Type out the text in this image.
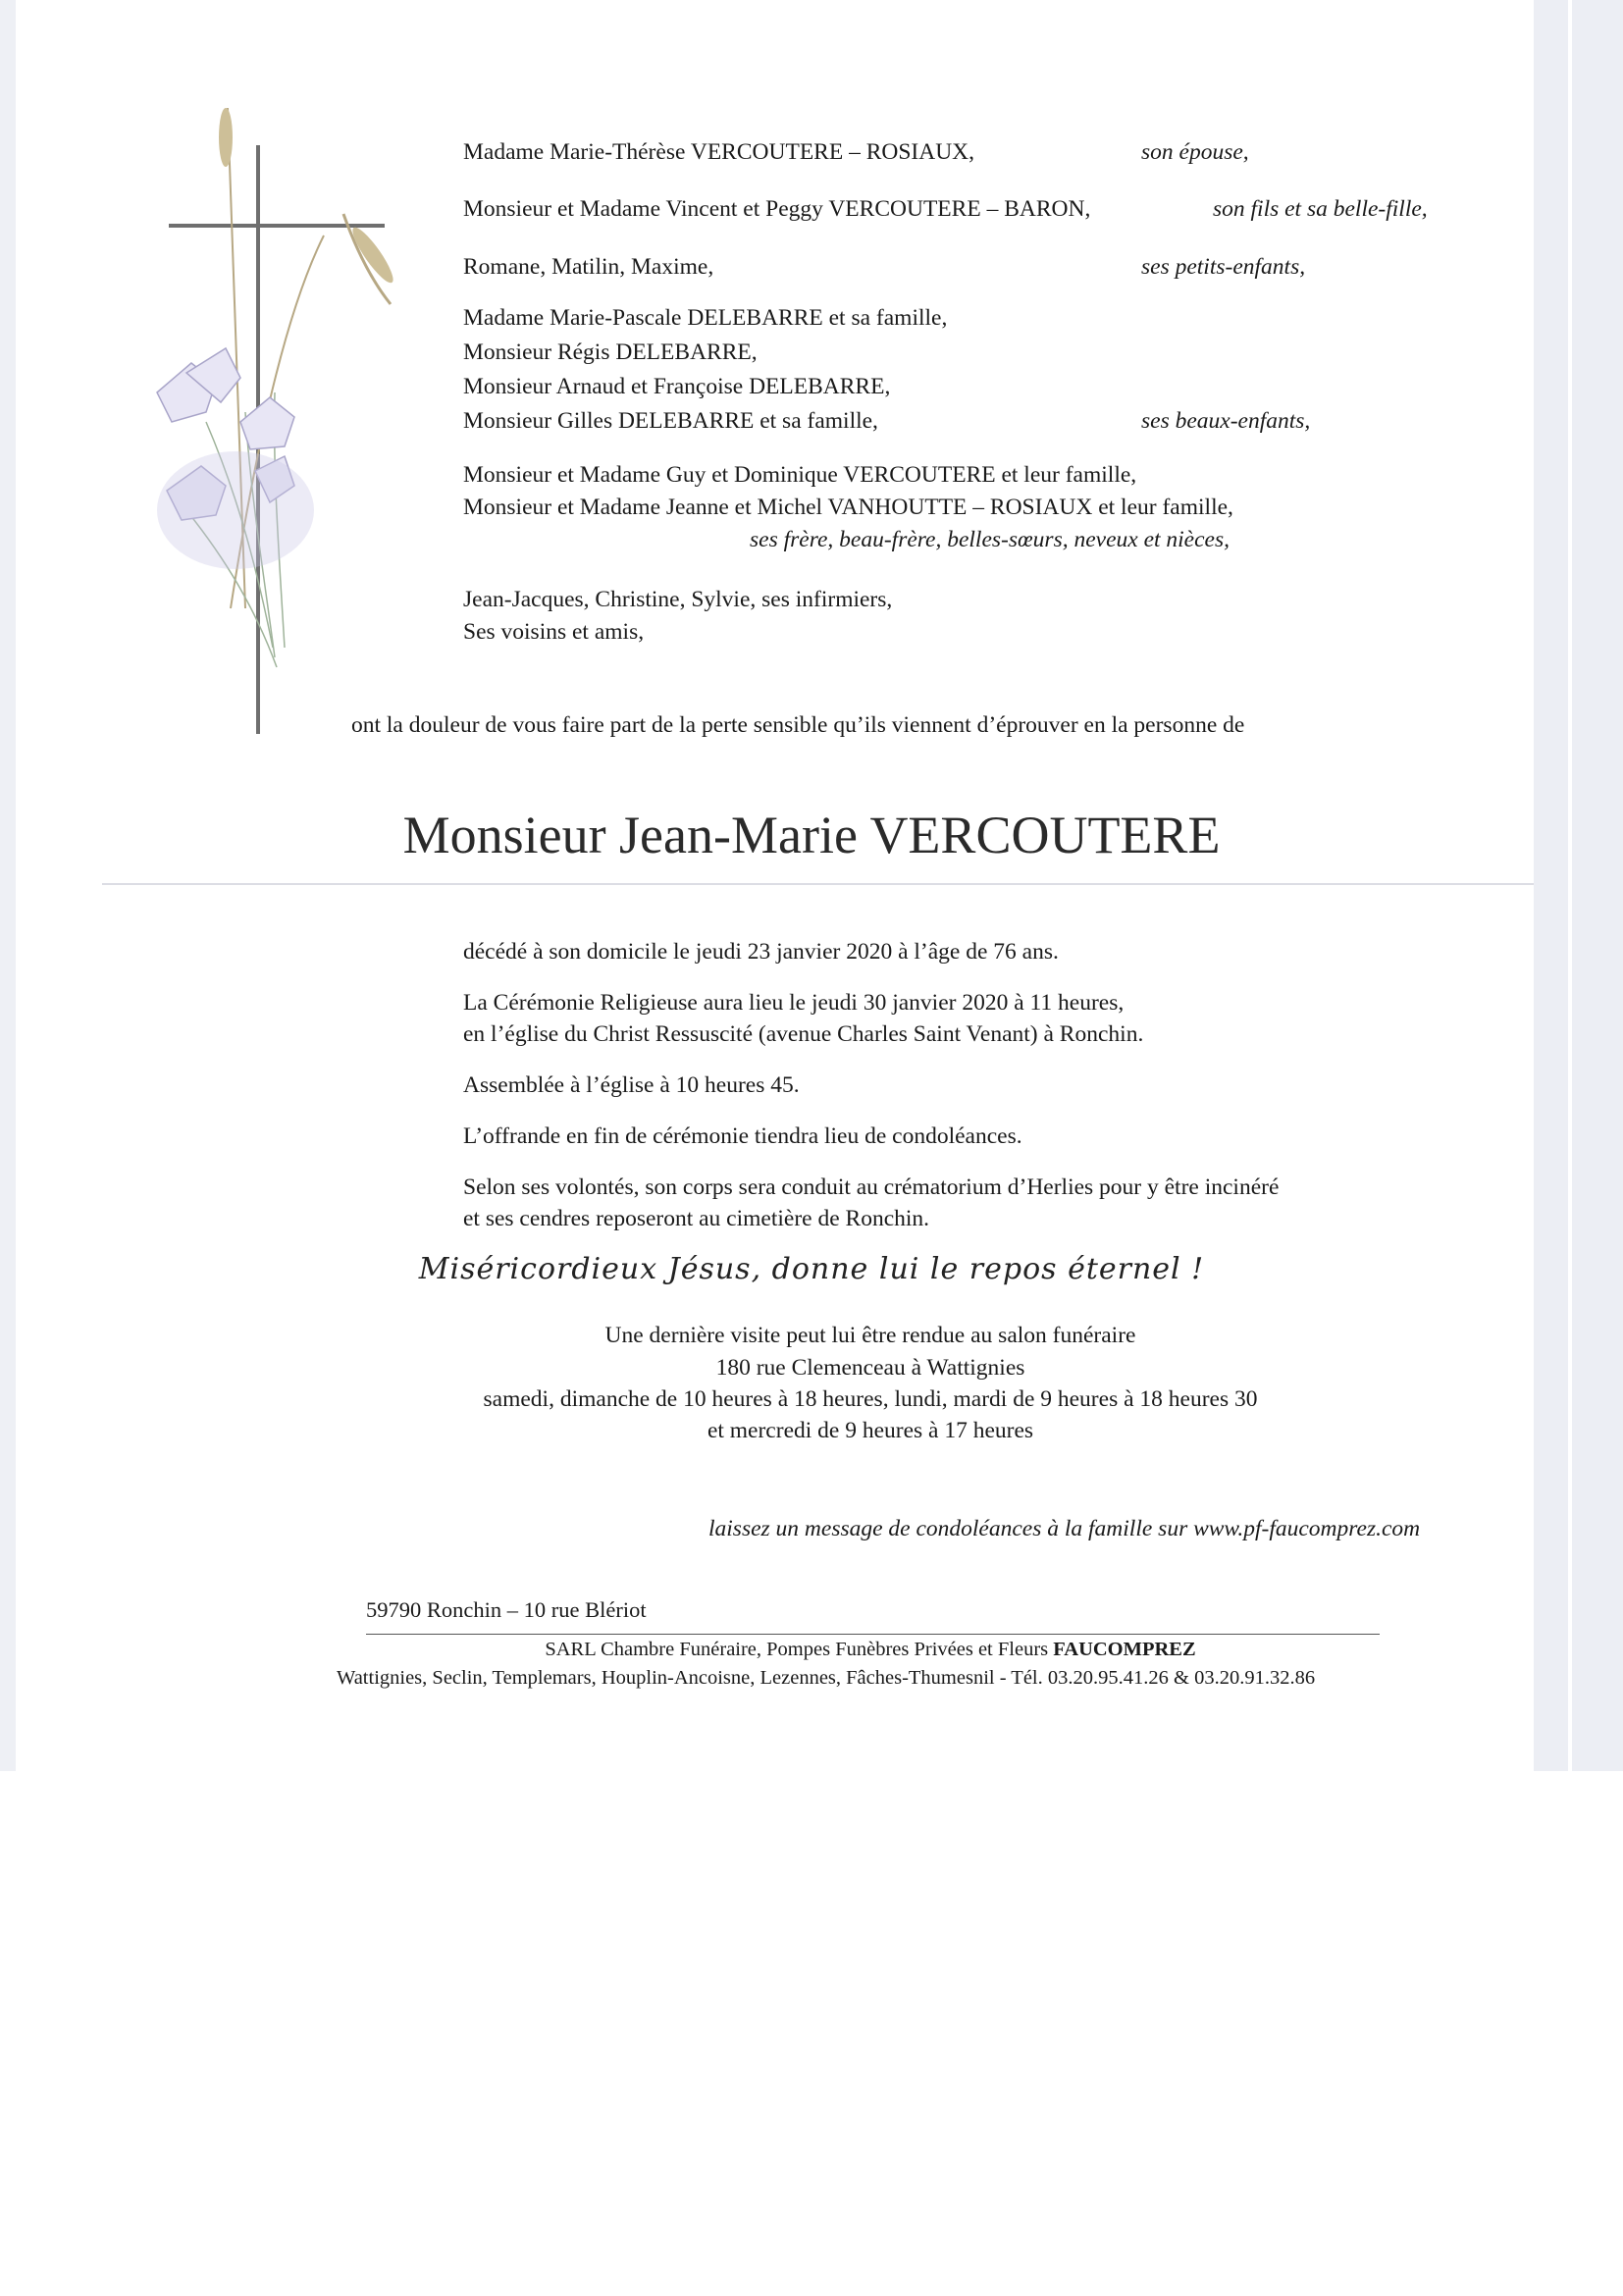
Madame Marie-Thérèse VERCOUTERE – ROSIAUX,	son épouse,
Monsieur et Madame Vincent et Peggy VERCOUTERE – BARON,	son fils et sa belle-fille,
Romane, Matilin, Maxime,	ses petits-enfants,
Madame Marie-Pascale DELEBARRE et sa famille,
Monsieur Régis DELEBARRE,
Monsieur Arnaud et Françoise DELEBARRE,
Monsieur Gilles DELEBARRE et sa famille,	ses beaux-enfants,
Monsieur et Madame Guy et Dominique VERCOUTERE et leur famille,
Monsieur et Madame Jeanne et Michel VANHOUTTE – ROSIAUX et leur famille,
ses frère, beau-frère, belles-sœurs, neveux et nièces,
Jean-Jacques, Christine, Sylvie, ses infirmiers,
Ses voisins et amis,
ont la douleur de vous faire part de la perte sensible qu’ils viennent d’éprouver en la personne de
Monsieur Jean-Marie VERCOUTERE
décédé à son domicile le jeudi 23 janvier 2020 à l’âge de 76 ans.
La Cérémonie Religieuse aura lieu le jeudi 30 janvier 2020 à 11 heures,
en l’église du Christ Ressuscité (avenue Charles Saint Venant) à Ronchin.
Assemblée à l’église à 10 heures 45.
L’offrande en fin de cérémonie tiendra lieu de condoléances.
Selon ses volontés, son corps sera conduit au crématorium d’Herlies pour y être incinéré
et ses cendres reposeront au cimetière de Ronchin.
Miséricordieux Jésus, donne lui le repos éternel !
Une dernière visite peut lui être rendue au salon funéraire
180 rue Clemenceau à Wattignies
samedi, dimanche de 10 heures à 18 heures, lundi, mardi de 9 heures à 18 heures 30
et mercredi de 9 heures à 17 heures
laissez un message de condoléances à la famille sur www.pf-faucomprez.com
59790 Ronchin – 10 rue Blériot
SARL Chambre Funéraire, Pompes Funèbres Privées et Fleurs FAUCOMPREZ
Wattignies, Seclin, Templemars, Houplin-Ancoisne, Lezennes, Fâches-Thumesnil - Tél. 03.20.95.41.26 & 03.20.91.32.86
